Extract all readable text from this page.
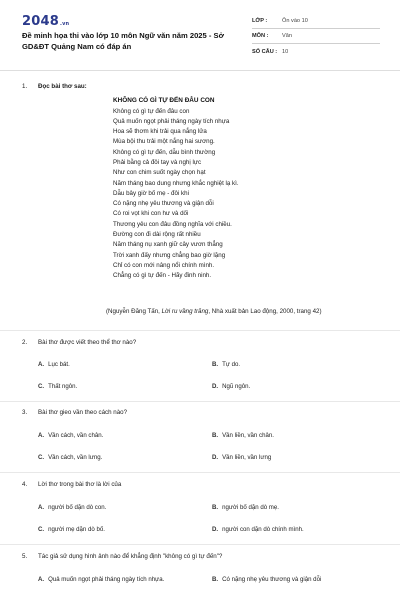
2048.vn
Đề minh họa thi vào lớp 10 môn Ngữ văn năm 2025 - Sở GD&ĐT Quảng Nam có đáp án
LỚP :	Ôn vào 10
MÔN :	Văn
SỐ CÂU : 10
1. Đọc bài thơ sau:
KHÔNG CÓ GÌ TỰ ĐẾN ĐÂU CON
Không có gì tự đến đâu con
Quả muốn ngọt phải tháng ngày tích nhựa
Hoa sẽ thơm khi trải qua nắng lửa
Mùa bội thu trải một nắng hai sương.
Không có gì tự đến, dẫu bình thường
Phải bằng cả đôi tay và nghị lực
Như con chim suốt ngày chọn hạt
Năm tháng bao dung nhưng khắc nghiệt lạ kì.
Dẫu bây giờ bố mẹ - đôi khi
Có nặng nhẹ yêu thương và giận dỗi
Có roi vọt khi con hư và dối
Thương yêu con đâu đồng nghĩa với chiều.
Đường con đi dài rộng rất nhiều
Năm tháng nụ xanh giữ cây vươn thẳng
Trời xanh đấy nhưng chẳng bao giờ lặng
Chỉ có con mới nâng nổi chính mình.
Chẳng có gì tự đến - Hãy đinh ninh.
(Nguyễn Đăng Tấn, Lời ru vầng trăng, Nhà xuất bản Lao động, 2000, trang 42)
2. Bài thơ được viết theo thể thơ nào?
A. Lục bát.	B. Tự do.
C. Thất ngôn.	D. Ngũ ngôn.
3. Bài thơ gieo vần theo cách nào?
A. Vần cách, vần chân.	B. Vần liền, vần chân.
C. Vần cách, vần lưng.	D. Vần liền, vần lưng
4. Lời thơ trong bài thơ là lời của
A. người bố dặn dò con.	B. người bố dặn dò mẹ.
C. người mẹ dặn dò bố.	D. người con dặn dò chính mình.
5. Tác giả sử dụng hình ảnh nào để khẳng định "không có gì tự đến"?
A. Quả muốn ngọt phải tháng ngày tích nhựa.	B. Có nặng nhẹ yêu thương và giận dỗi
